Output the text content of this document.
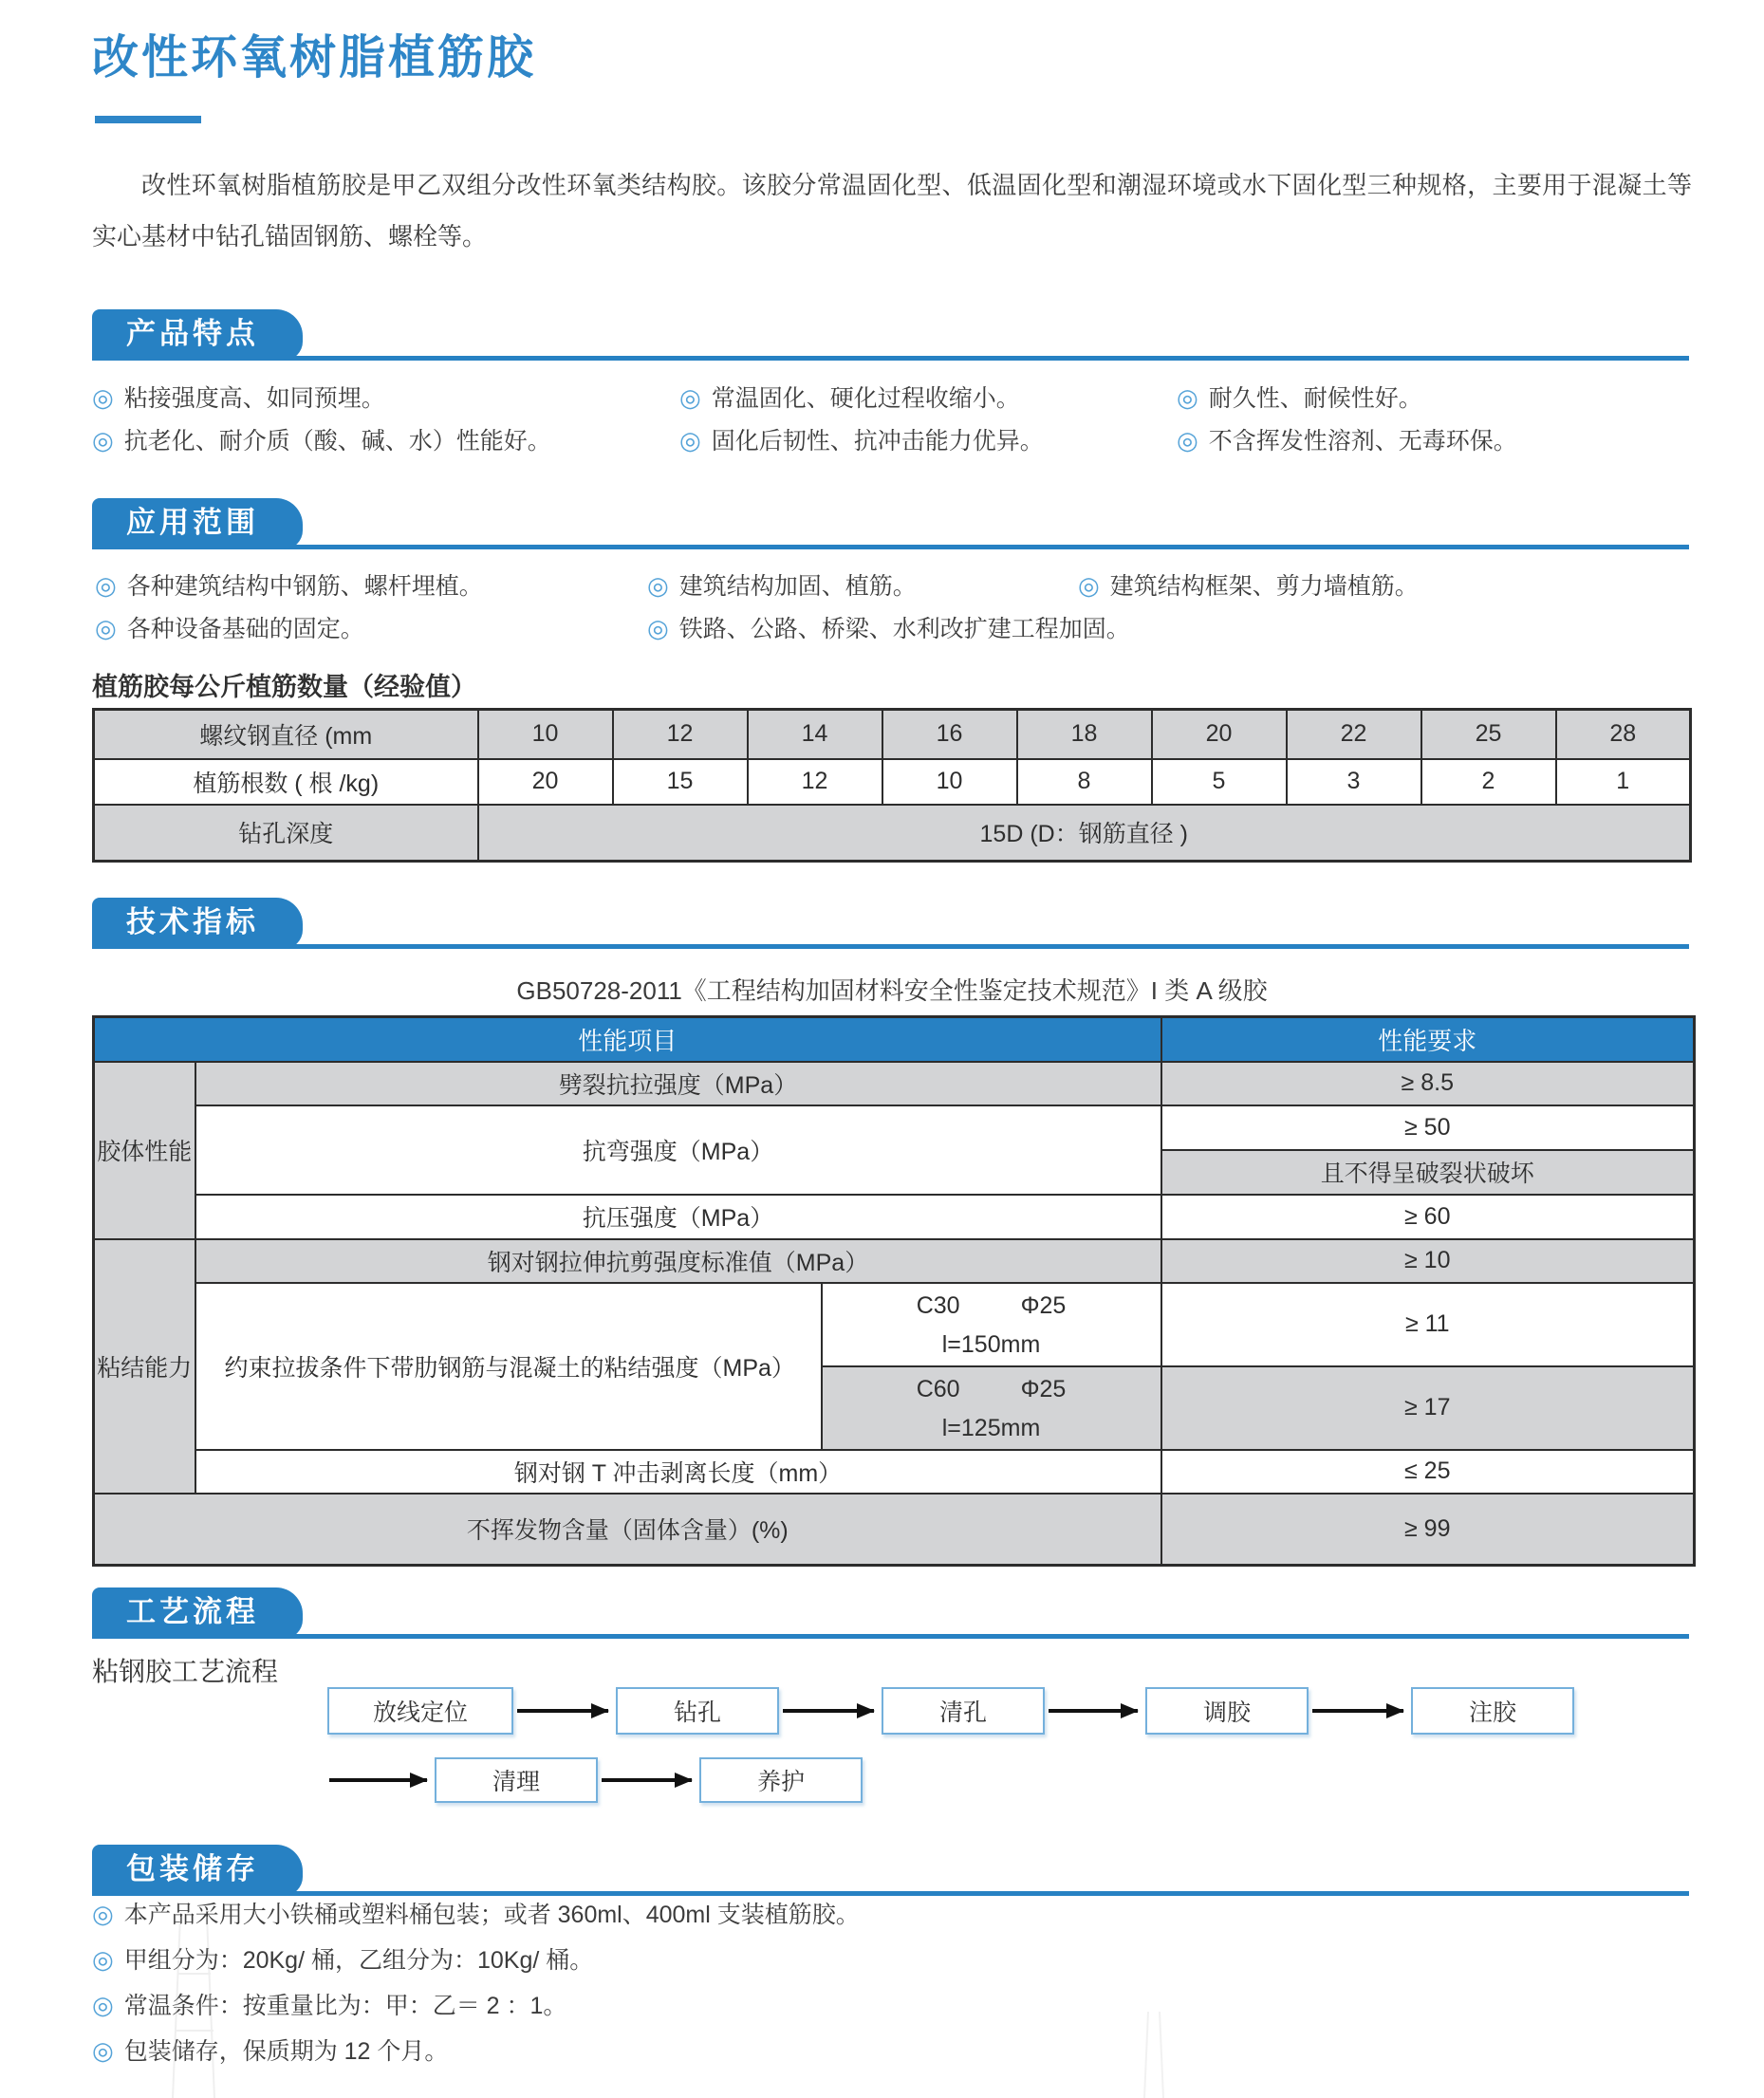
改性环氧树脂植筋胶

改性环氧树脂植筋胶是甲乙双组分改性环氧类结构胶。该胶分常温固化型、低温固化型和潮湿环境或水下固化型三种规格，主要用于混凝土等实心基材中钻孔锚固钢筋、螺栓等。

产品特点
◎ 粘接强度高、如同预埋。	◎ 常温固化、硬化过程收缩小。	◎ 耐久性、耐候性好。
◎ 抗老化、耐介质（酸、碱、水）性能好。	◎ 固化后韧性、抗冲击能力优异。	◎ 不含挥发性溶剂、无毒环保。
应用范围
◎ 各种建筑结构中钢筋、螺杆埋植。	◎ 建筑结构加固、植筋。	◎ 建筑结构框架、剪力墙植筋。
◎ 各种设备基础的固定。	◎ 铁路、公路、桥梁、水利改扩建工程加固。

植筋胶每公斤植筋数量（经验值）

螺纹钢直径 (mm	10	12	14	16	18	20	22	25	28
植筋根数 ( 根 /kg)	20	15	12	10	8	5	3	2	1
钻孔深度	15D (D：钢筋直径 )								
技术指标

GB50728-2011《工程结构加固材料安全性鉴定技术规范》I 类 A 级胶

性能项目			性能要求
胶体性能	劈裂抗拉强度（MPa）		≥ 8.5
	抗弯强度（MPa）		≥ 50
			且不得呈破裂状破坏
	抗压强度（MPa）		≥ 60
粘结能力	钢对钢拉伸抗剪强度标准值（MPa）		≥ 10
	约束拉拔条件下带肋钢筋与混凝土的粘结强度（MPa）	C30 Φ25
l=150mm	≥ 11

		C60 Φ25
l=125mm	≥ 17
	钢对钢 T 冲击剥离长度（mm）		≤ 25
不挥发物含量（固体含量）(%)			≥ 99
工艺流程

粘钢胶工艺流程

放线定位	钻孔	清孔	调胶	注胶
清理	养护
包装储存
◎ 本产品采用大小铁桶或塑料桶包装；或者 360ml、400ml 支装植筋胶。
◎ 甲组分为：20Kg/ 桶，乙组分为：10Kg/ 桶。
◎ 常温条件：按重量比为：甲：乙＝ 2 ：1。
◎ 包装储存，保质期为 12 个月。
